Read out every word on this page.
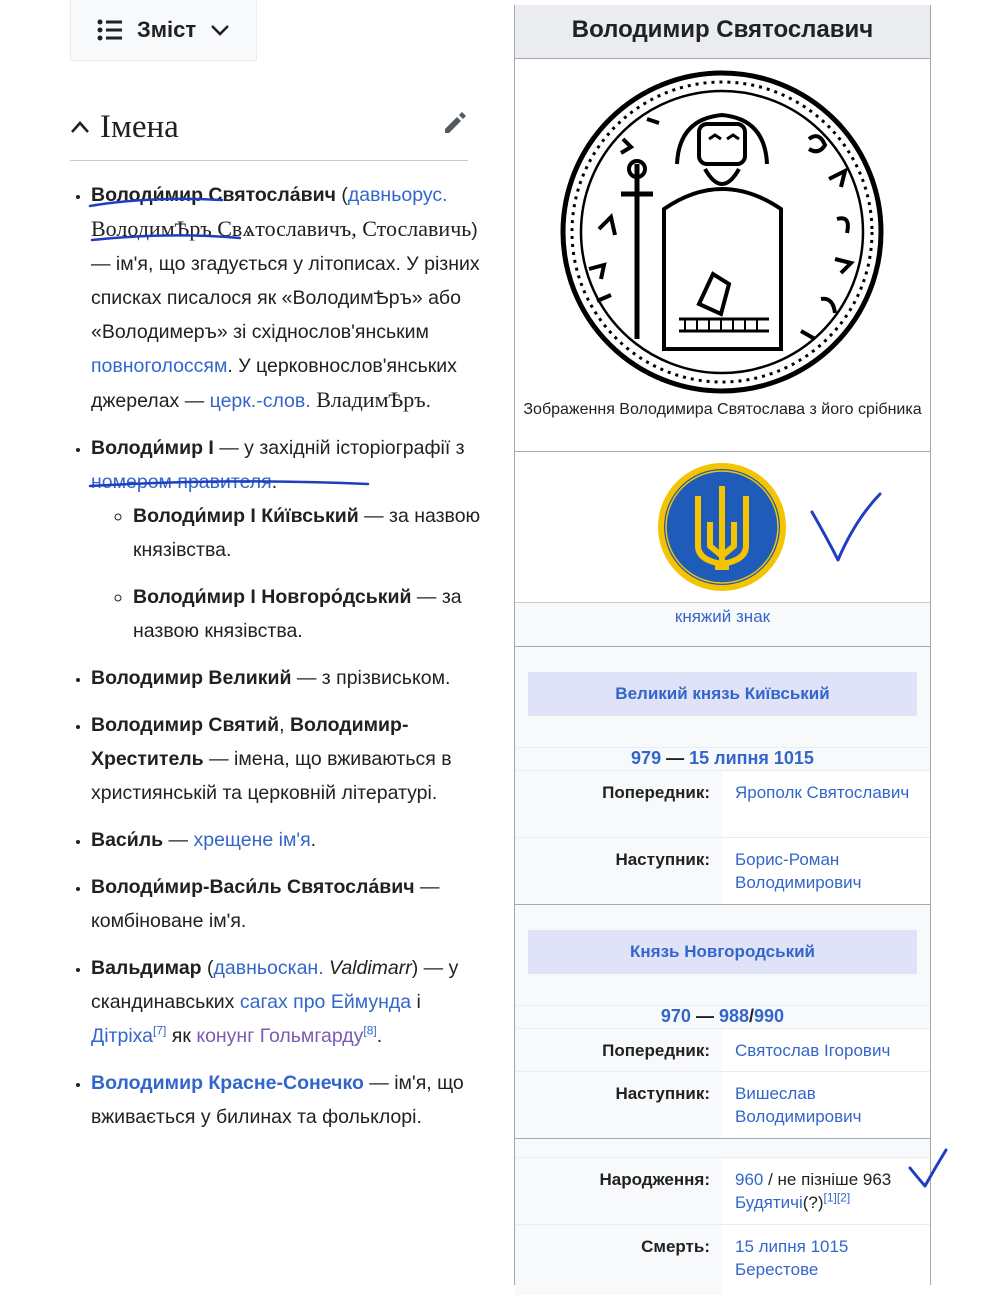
Зміст
Імена
• Володи́мир Святосла́вич (давньорус. ВолодимѢръ Свѧтославичъ, Стославичь) — ім'я, що згадується у літописах. У різних списках писалося як «ВолодимѢръ» або «Володимеръ» зі східнослов'янським повноголоссям. У церковнослов'янських джерелах — церк.-слов. ВладимѢръ.
• Володи́мир I — у західній історіографії з номером правителя.
◦ Володи́мир I Ки́ївський — за назвою князівства.
◦ Володи́мир I Новгоро́дський — за назвою князівства.
• Володимир Великий — з прізвиськом.
• Володимир Святий, Володимир-Хреститель — імена, що вживаються в християнській та церковній літературі.
• Васи́ль — хрещене ім'я.
• Володи́мир-Васи́ль Святосла́вич — комбіноване ім'я.
• Вальдимар (давньоскан. Valdimarr) — у скандинавських сагах про Еймунда і Дітріха[7] як конунг Гольмгарду[8].
• Володимир Красне-Сонечко — ім'я, що вживається у билинах та фольклорі.
Володимир Святославич
Зображення Володимира Святослава з його срібника
княжий знак
Великий князь Київський
979 — 15 липня 1015
Попередник:	Ярополк Святославич
Наступник:	Борис-Роман Володимирович
Князь Новгородський
970 — 988/990
Попередник:	Святослав Ігорович
Наступник:	Вишеслав Володимирович
Народження:	960 / не пізніше 963
Будятичі(?)[1][2]
Смерть:	15 липня 1015
Берестове
